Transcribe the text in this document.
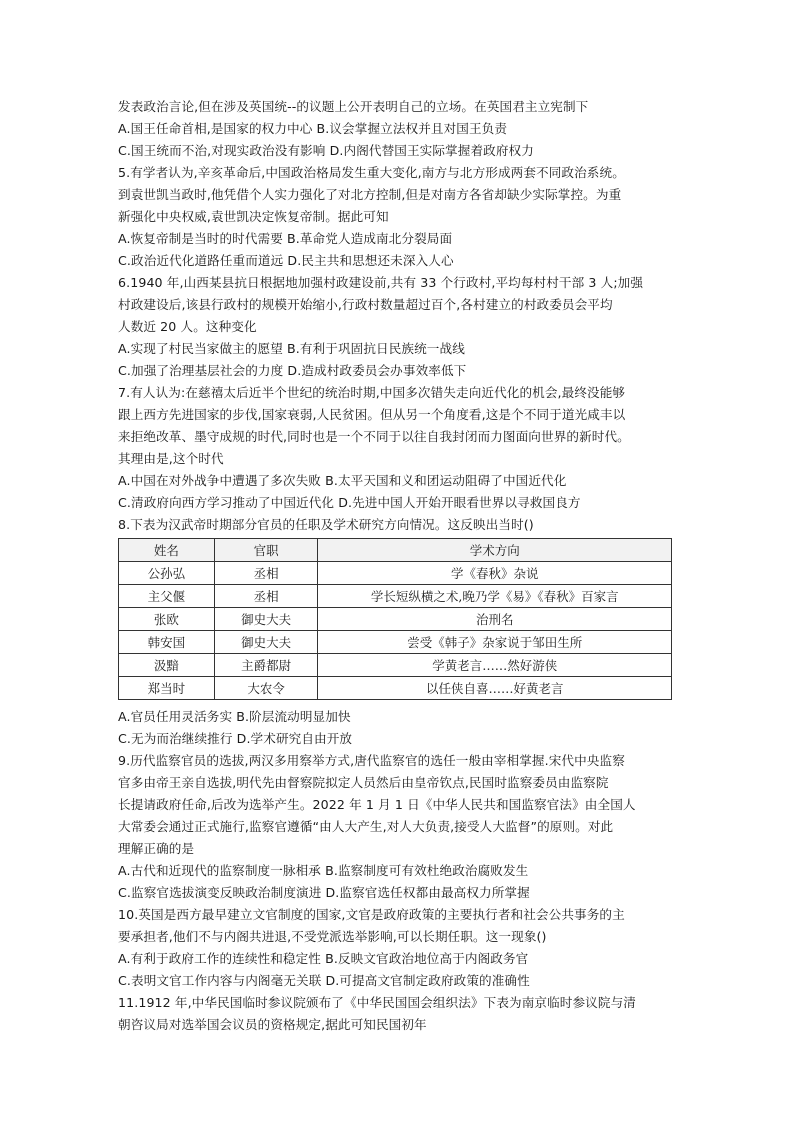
发表政治言论,但在涉及英国统--的议题上公开表明自己的立场。在英国君主立宪制下
A.国王任命首相,是国家的权力中心 B.议会掌握立法权并且对国王负责
C.国王统而不治,对现实政治没有影响 D.内阁代替国王实际掌握着政府权力
5.有学者认为,辛亥革命后,中国政治格局发生重大变化,南方与北方形成两套不同政治系统。
到袁世凯当政时,他凭借个人实力强化了对北方控制,但是对南方各省却缺少实际掌控。为重
新强化中央权威,袁世凯决定恢复帝制。据此可知
A.恢复帝制是当时的时代需要 B.革命党人造成南北分裂局面
C.政治近代化道路任重而道远 D.民主共和思想还未深入人心
6.1940 年,山西某县抗日根据地加强村政建设前,共有 33 个行政村,平均每村村干部 3 人;加强
村政建设后,该县行政村的规模开始缩小,行政村数量超过百个,各村建立的村政委员会平均
人数近 20 人。这种变化
A.实现了村民当家做主的愿望 B.有利于巩固抗日民族统一战线
C.加强了治理基层社会的力度 D.造成村政委员会办事效率低下
7.有人认为:在慈禧太后近半个世纪的统治时期,中国多次错失走向近代化的机会,最终没能够
跟上西方先进国家的步伐,国家衰弱,人民贫困。但从另一个角度看,这是个不同于道光咸丰以
来拒绝改革、墨守成规的时代,同时也是一个不同于以往自我封闭而力图面向世界的新时代。
其理由是,这个时代
A.中国在对外战争中遭遇了多次失败 B.太平天国和义和团运动阻碍了中国近代化
C.清政府向西方学习推动了中国近代化 D.先进中国人开始开眼看世界以寻救国良方
8.下表为汉武帝时期部分官员的任职及学术研究方向情况。这反映出当时()
姓名	官职	学术方向
公孙弘	丞相	学《春秋》杂说
主父偃	丞相	学长短纵横之术,晚乃学《易》《春秋》百家言
张欧	御史大夫	治刑名
韩安国	御史大夫	尝受《韩子》杂家说于邹田生所
汲黯	主爵都尉	学黄老言……然好游侠
郑当时	大农令	以任侠自喜……好黄老言
A.官员任用灵活务实 B.阶层流动明显加快
C.无为而治继续推行 D.学术研究自由开放
9.历代监察官员的选拔,两汉多用察举方式,唐代监察官的选任一般由宰相掌握.宋代中央监察
官多由帝王亲自选拔,明代先由督察院拟定人员然后由皇帝钦点,民国时监察委员由监察院
长提请政府任命,后改为选举产生。2022 年 1 月 1 日《中华人民共和国监察官法》由全国人
大常委会通过正式施行,监察官遵循“由人大产生,对人大负责,接受人大监督”的原则。对此
理解正确的是
A.古代和近现代的监察制度一脉相承 B.监察制度可有效杜绝政治腐败发生
C.监察官选拔演变反映政治制度演进 D.监察官选任权都由最高权力所掌握
10.英国是西方最早建立文官制度的国家,文官是政府政策的主要执行者和社会公共事务的主
要承担者,他们不与内阁共进退,不受党派选举影响,可以长期任职。这一现象()
A.有利于政府工作的连续性和稳定性 B.反映文官政治地位高于内阁政务官
C.表明文官工作内容与内阁毫无关联 D.可提高文官制定政府政策的准确性
11.1912 年,中华民国临时参议院颁布了《中华民国国会组织法》下表为南京临时参议院与清
朝咨议局对选举国会议员的资格规定,据此可知民国初年
